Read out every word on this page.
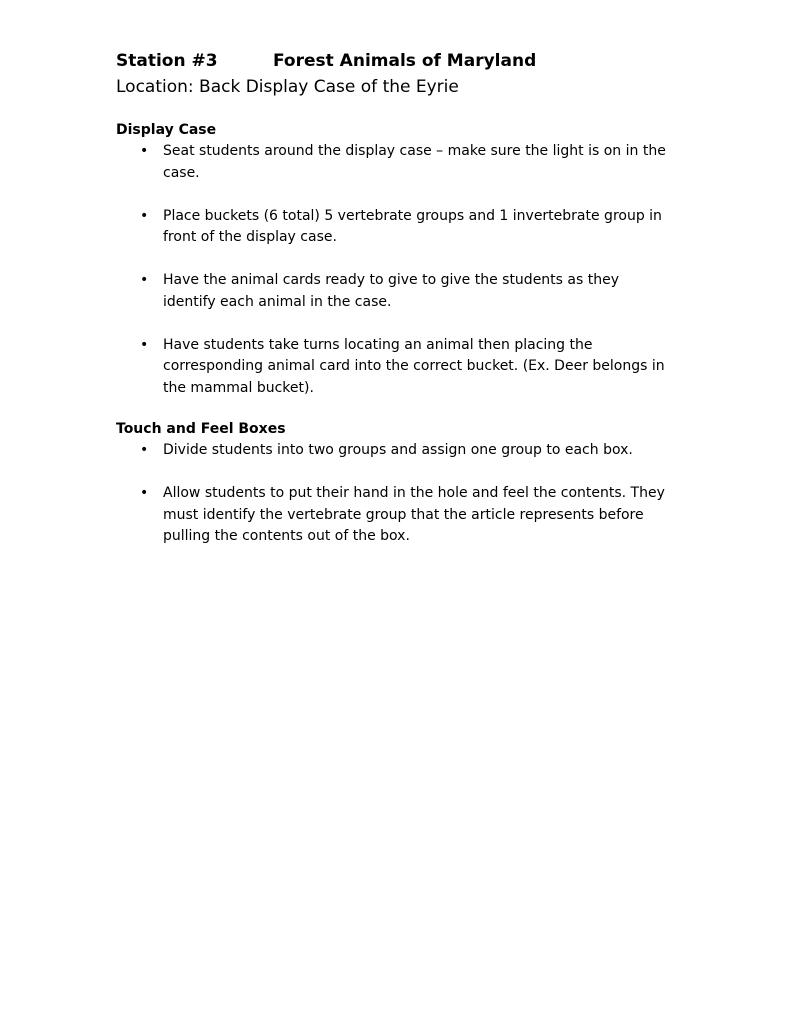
Station #3	Forest Animals of Maryland
Location: Back Display Case of the Eyrie
Display Case
• Seat students around the display case – make sure the light is on in the case.
• Place buckets (6 total) 5 vertebrate groups and 1 invertebrate group in front of the display case.
• Have the animal cards ready to give to give the students as they identify each animal in the case.
• Have students take turns locating an animal then placing the corresponding animal card into the correct bucket. (Ex. Deer belongs in the mammal bucket).
Touch and Feel Boxes
• Divide students into two groups and assign one group to each box.
• Allow students to put their hand in the hole and feel the contents. They must identify the vertebrate group that the article represents before pulling the contents out of the box.
